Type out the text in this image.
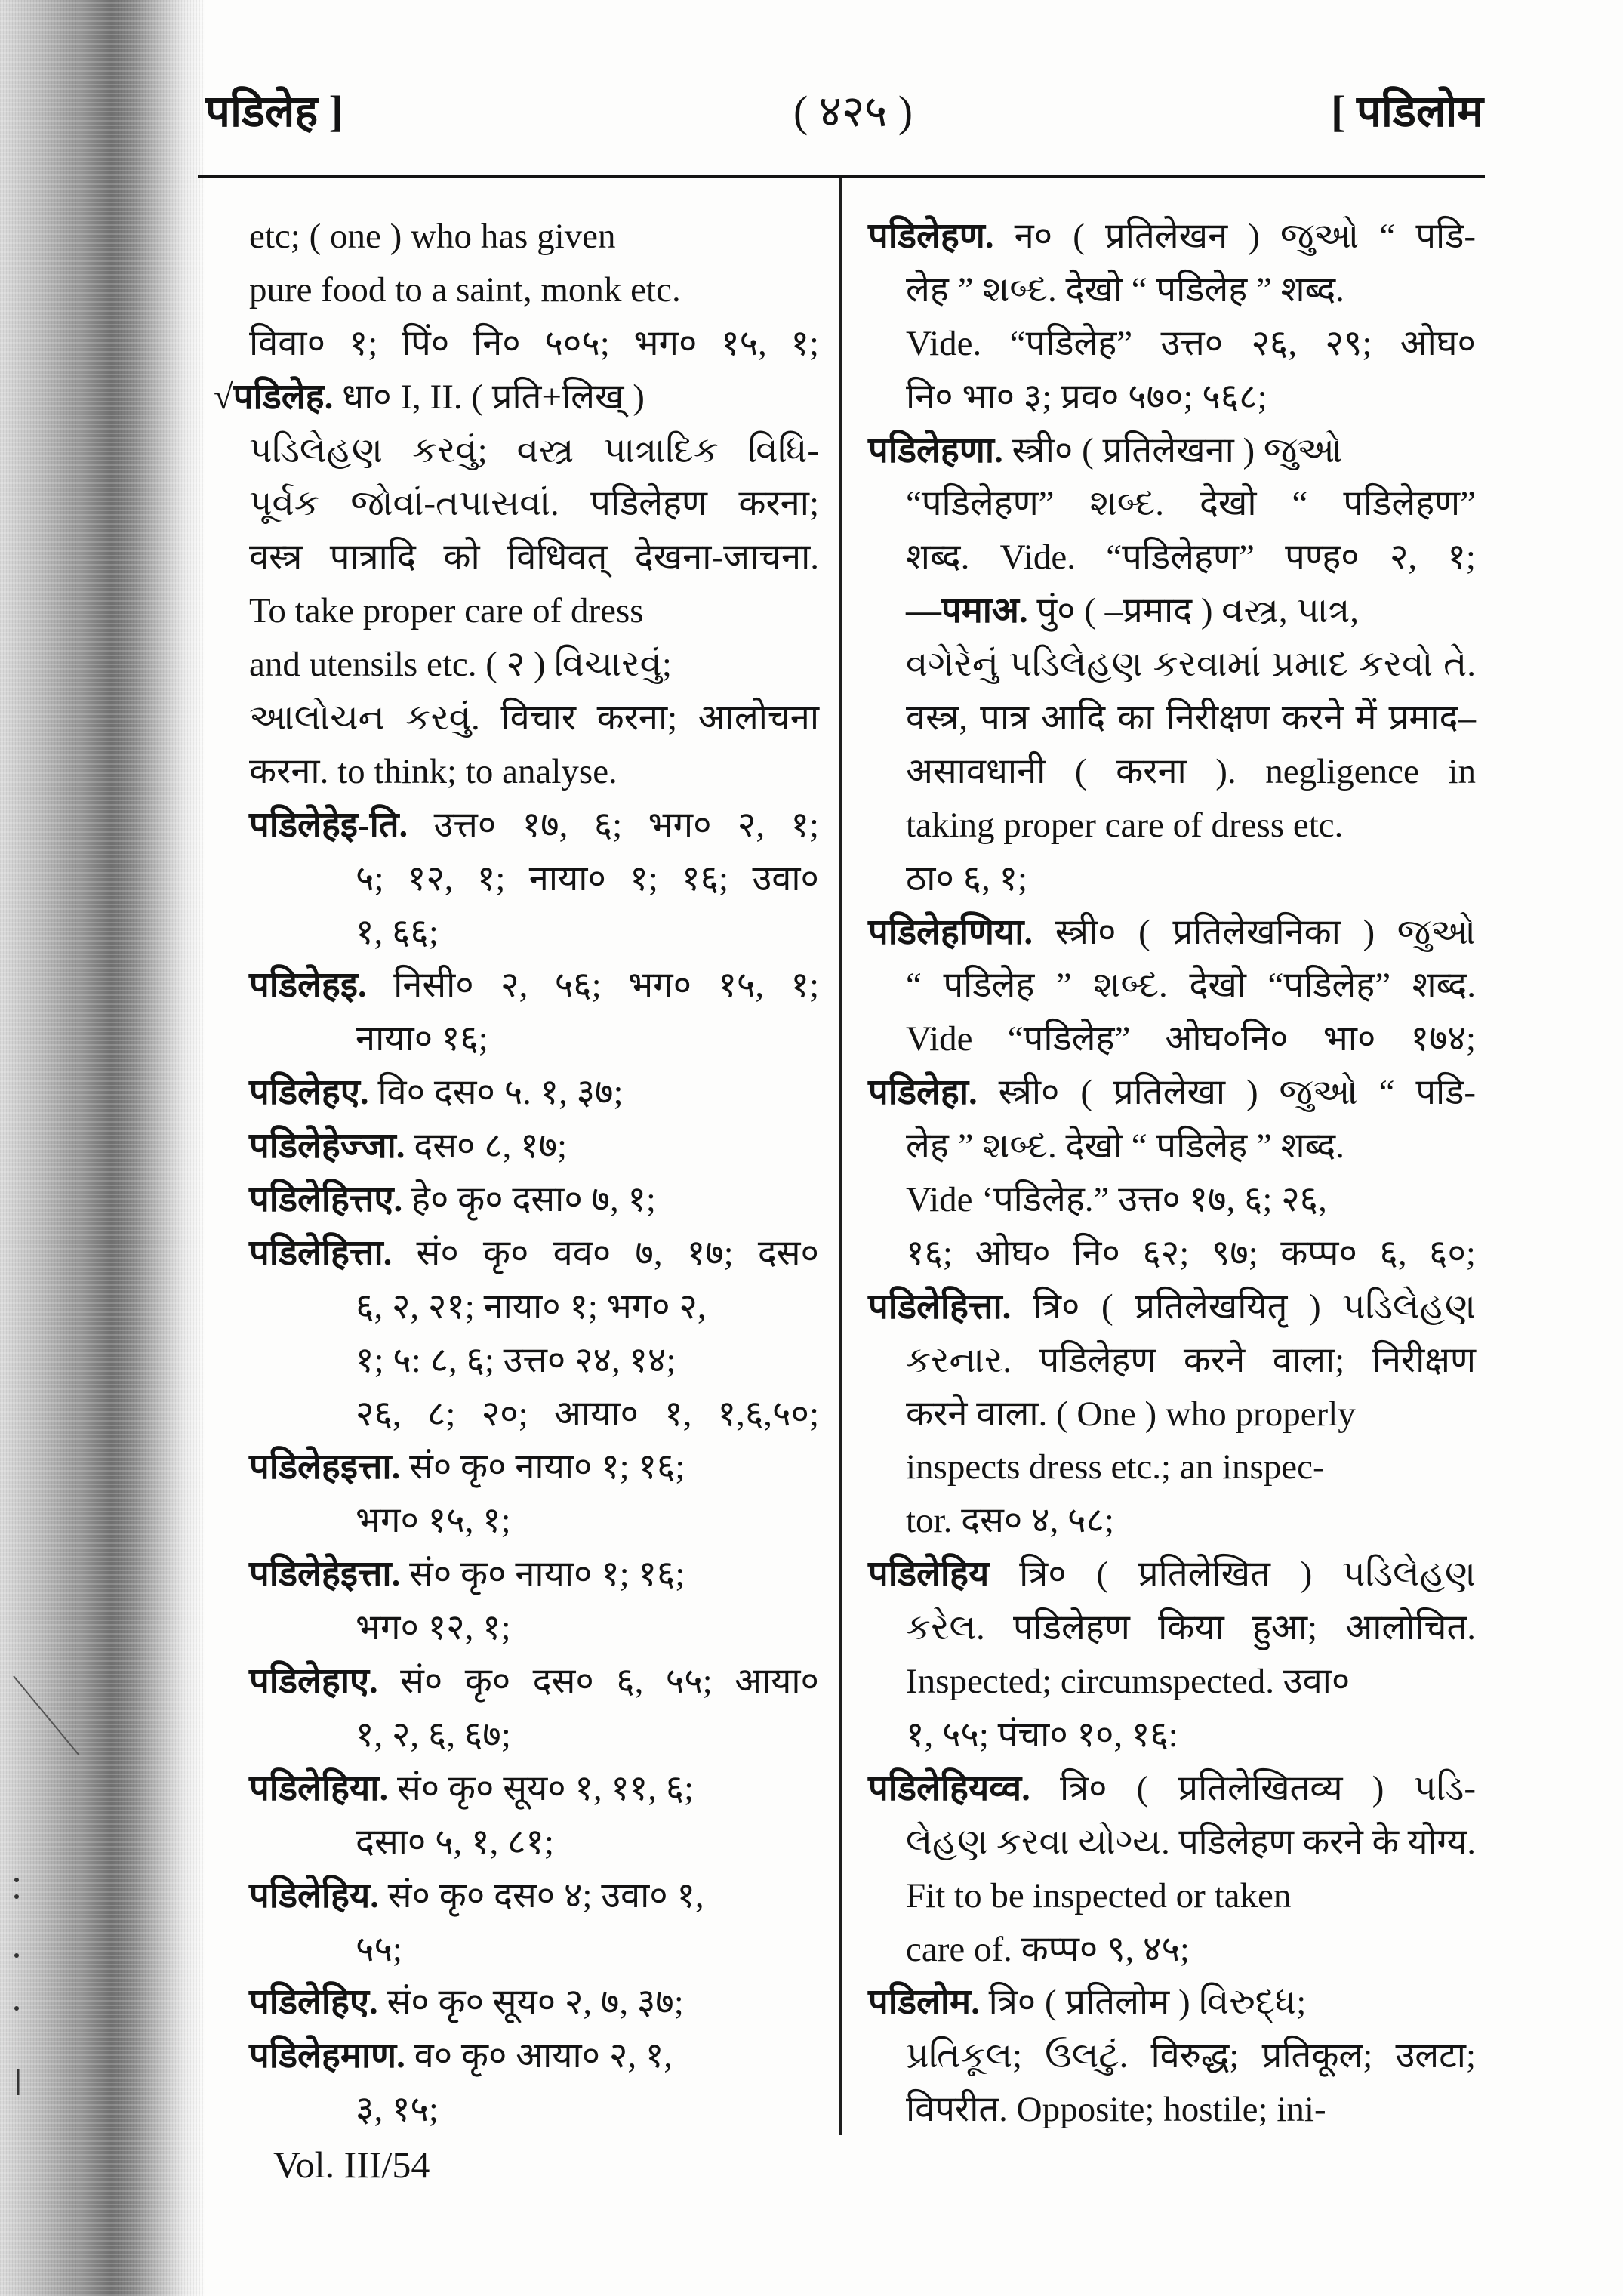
पडिलेह ]	( ४२५ )	[ पडिलोम
etc; ( one ) who has given
pure food to a saint, monk etc.
विवा० १; पिं० नि० ५०५; भग० १५, १;
√पडिलेह. धा० I, II. ( प्रति+लिख् )
પડિલેહણ કરવું; વસ્ત્ર પાત્રાદિક વિધિ-
પૂર્વક જોવાં-તપાસવાં. पडिलेहण करना;
वस्त्र पात्रादि को विधिवत् देखना-जाचना.
To take proper care of dress
and utensils etc. ( २ ) વિચારવું;
આલોચન કરવું. विचार करना; आलोचना
करना. to think; to analyse.
पडिलेहेइ-ति. उत्त० १७, ६; भग० २, १;
५; १२, १; नाया० १; १६; उवा०
१, ६६;
पडिलेहइ. निसी० २, ५६; भग० १५, १;
नाया० १६;
पडिलेहए. वि० दस० ५. १, ३७;
पडिलेहेज्जा. दस० ८, १७;
पडिलेहित्तए. हे० कृ० दसा० ७, १;
पडिलेहित्ता. सं० कृ० वव० ७, १७; दस०
६, २, २१; नाया० १; भग० २,
१; ५: ८, ६; उत्त० २४, १४;
२६, ८; २०; आया० १, १,६,५०;
पडिलेहइत्ता. सं० कृ० नाया० १; १६;
भग० १५, १;
पडिलेहेइत्ता. सं० कृ० नाया० १; १६;
भग० १२, १;
पडिलेहाए. सं० कृ० दस० ६, ५५; आया०
१, २, ६, ६७;
पडिलेहिया. सं० कृ० सूय० १, ११, ६;
दसा० ५, १, ८१;
पडिलेहिय. सं० कृ० दस० ४; उवा० १,
५५;
पडिलेहिए. सं० कृ० सूय० २, ७, ३७;
पडिलेहमाण. व० कृ० आया० २, १,
३, १५;
पडिलेहण. न० ( प्रतिलेखन ) જુઓ “ पडि-
लेह ” શબ્દ. देखो “ पडिलेह ” शब्द.
Vide. “पडिलेह” उत्त० २६, २९; ओघ०
नि० भा० ३; प्रव० ५७०; ५६८;
पडिलेहणा. स्त्री० ( प्रतिलेखना ) જુઓ
“पडिलेहण” શબ્દ. देखो “ पडिलेहण”
शब्द. Vide. “पडिलेहण” पण्ह० २, १;
—पमाअ. पुं० ( –प्रमाद ) વસ્ત્ર, પાત્ર,
વગેરેનું પડિલેહણ કરવામાં પ્રમાદ કરવો તે.
वस्त्र, पात्र आदि का निरीक्षण करने में प्रमाद–
असावधानी ( करना ). negligence in
taking proper care of dress etc.
ठा० ६, १;
पडिलेहणिया. स्त्री० ( प्रतिलेखनिका ) જુઓ
“ पडिलेह ” શબ્દ. देखो “पडिलेह” शब्द.
Vide “पडिलेह” ओघ०नि० भा० १७४;
पडिलेहा. स्त्री० ( प्रतिलेखा ) જુઓ “ पडि-
लेह ” શબ્દ. देखो “ पडिलेह ” शब्द.
Vide ‘पडिलेह.” उत्त० १७, ६; २६,
१६; ओघ० नि० ६२; ९७; कप्प० ६, ६०;
पडिलेहित्ता. त्रि० ( प्रतिलेखयितृ ) પડિલેહણ
કરનાર. पडिलेहण करने वाला; निरीक्षण
करने वाला. ( One ) who properly
inspects dress etc.; an inspec-
tor. दस० ४, ५८;
पडिलेहिय त्रि० ( प्रतिलेखित ) પડિલેહણ
કરેલ. पडिलेहण किया हुआ; आलोचित.
Inspected; circumspected. उवा०
१, ५५; पंचा० १०, १६:
पडिलेहियव्व. त्रि० ( प्रतिलेखितव्य ) પડિ-
લેહણ કરવા યોગ્ય. पडिलेहण करने के योग्य.
Fit to be inspected or taken
care of. कप्प० ९, ४५;
पडिलोम. त्रि० ( प्रतिलोम ) વિરુદ્ધ;
પ્રતિકૂલ; ઉલટું. विरुद्ध; प्रतिकूल; उलटा;
विपरीत. Opposite; hostile; ini-
Vol. III/54
